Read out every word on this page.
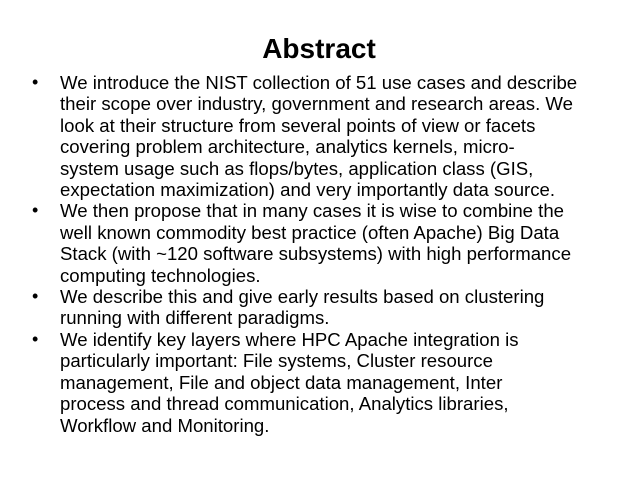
Abstract
•	We introduce the NIST collection of 51 use cases and describe
their scope over industry, government and research areas. We
look at their structure from several points of view or facets
covering problem architecture, analytics kernels, micro-
system usage such as flops/bytes, application class (GIS,
expectation maximization) and very importantly data source.
•	We then propose that in many cases it is wise to combine the
well known commodity best practice (often Apache) Big Data
Stack (with ~120 software subsystems) with high performance
computing technologies.
•	We describe this and give early results based on clustering
running with different paradigms.
•	We identify key layers where HPC Apache integration is
particularly important: File systems, Cluster resource
management, File and object data management, Inter
process and thread communication, Analytics libraries,
Workflow and Monitoring.
